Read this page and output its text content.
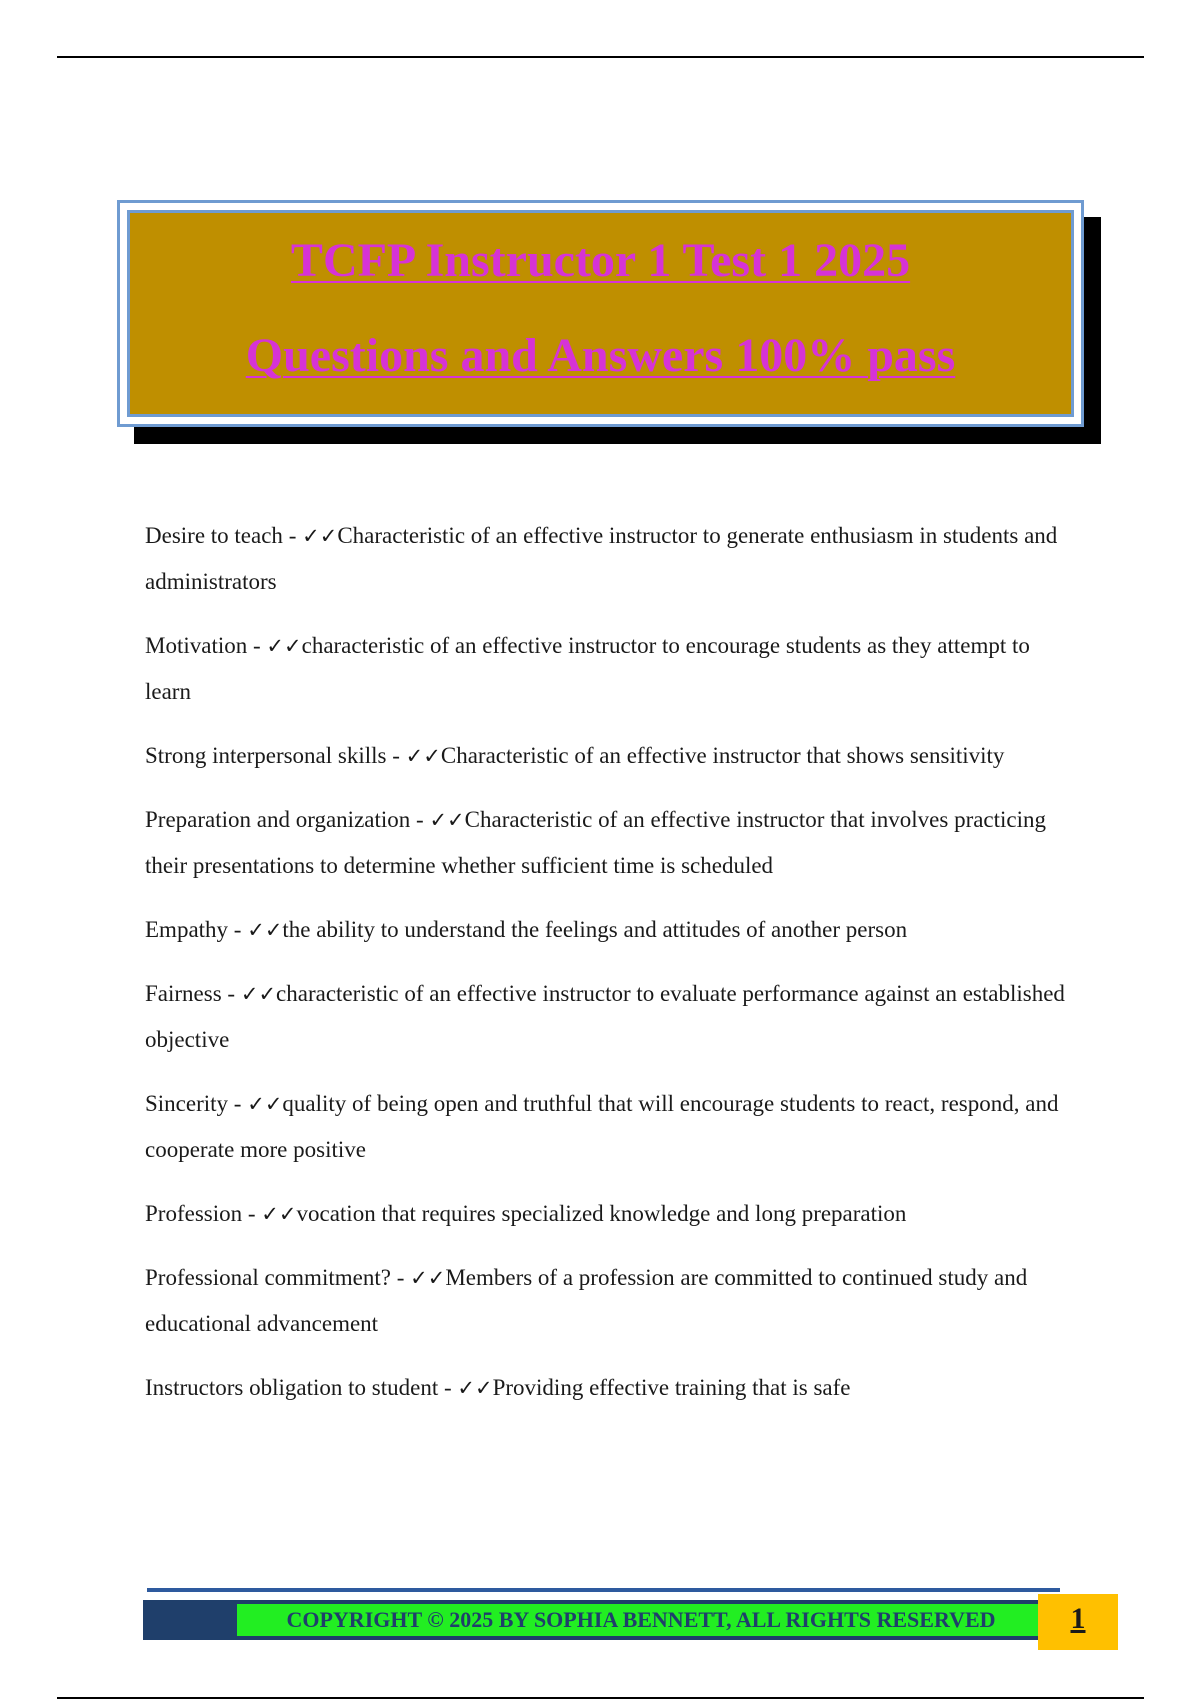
TCFP Instructor 1 Test 1 2025
Questions and Answers 100% pass

Desire to teach - ✓✓Characteristic of an effective instructor to generate enthusiasm in students and administrators

Motivation - ✓✓characteristic of an effective instructor to encourage students as they attempt to learn

Strong interpersonal skills - ✓✓Characteristic of an effective instructor that shows sensitivity

Preparation and organization - ✓✓Characteristic of an effective instructor that involves practicing their presentations to determine whether sufficient time is scheduled

Empathy - ✓✓the ability to understand the feelings and attitudes of another person

Fairness - ✓✓characteristic of an effective instructor to evaluate performance against an established objective

Sincerity - ✓✓quality of being open and truthful that will encourage students to react, respond, and cooperate more positive

Profession - ✓✓vocation that requires specialized knowledge and long preparation

Professional commitment? - ✓✓Members of a profession are committed to continued study and educational advancement

Instructors obligation to student - ✓✓Providing effective training that is safe

COPYRIGHT © 2025 BY SOPHIA BENNETT, ALL RIGHTS RESERVED	1
